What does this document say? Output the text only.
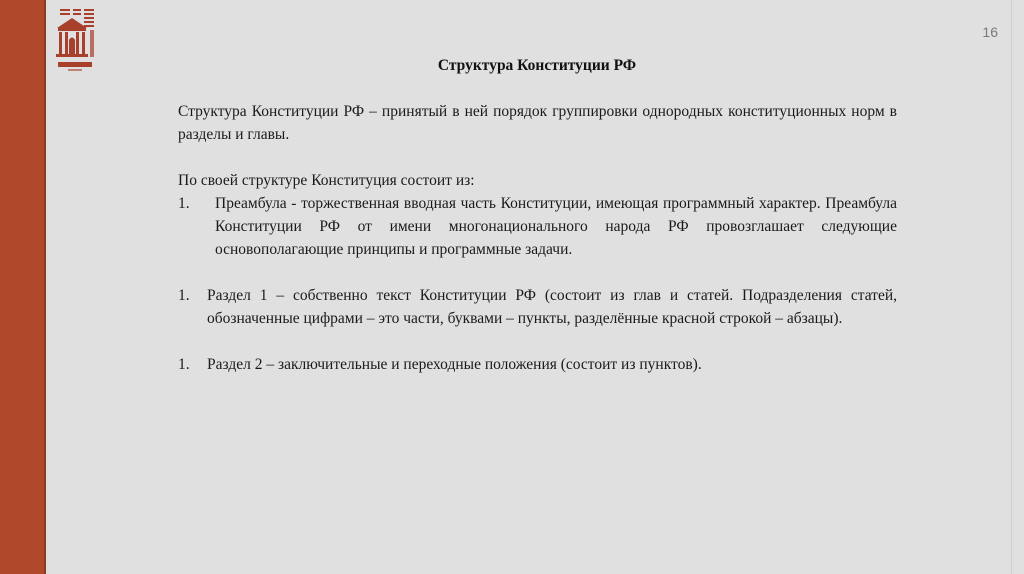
16
Структура Конституции РФ

Структура Конституции РФ – принятый в ней порядок группировки однородных конституционных норм в разделы и главы.

По своей структуре Конституция состоит из:

1.	Преамбула - торжественная вводная часть Конституции, имеющая программный характер. Преамбула Конституции РФ от имени многонационального народа РФ провозглашает следующие основополагающие принципы и программные задачи.
1.	Раздел 1 – собственно текст Конституции РФ (состоит из глав и статей. Подразделения статей, обозначенные цифрами – это части, буквами – пункты, разделённые красной строкой – абзацы).
1.	Раздел 2 – заключительные и переходные положения (состоит из пунктов).
